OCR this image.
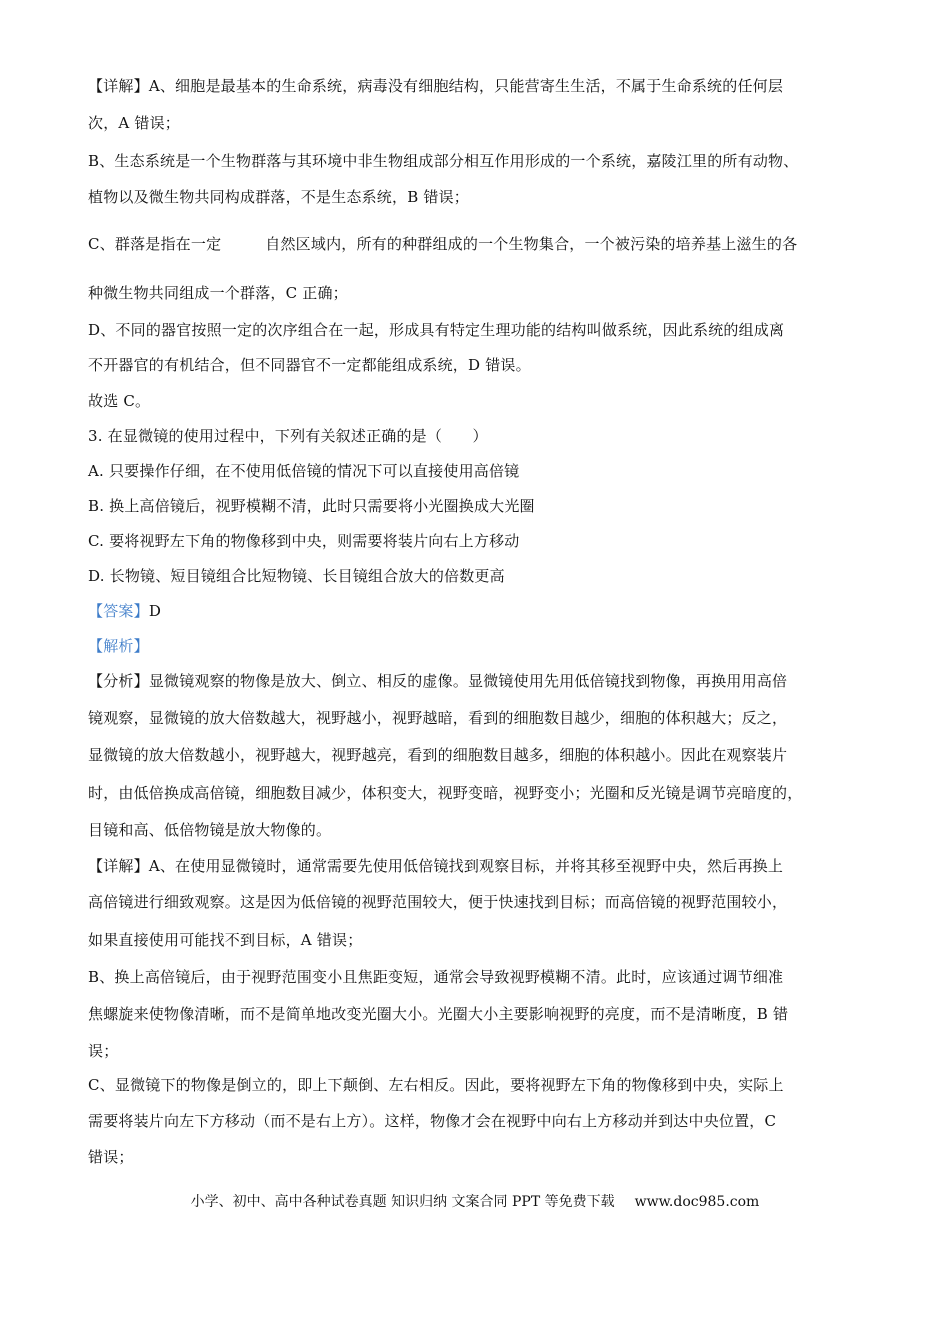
【详解】A、细胞是最基本的生命系统，病毒没有细胞结构，只能营寄生生活，不属于生命系统的任何层
次，A 错误；
B、生态系统是一个生物群落与其环境中非生物组成部分相互作用形成的一个系统，嘉陵江里的所有动物、
植物以及微生物共同构成群落，不是生态系统，B 错误；
C、群落是指在一定	自然区域内，所有的种群组成的一个生物集合，一个被污染的培养基上滋生的各
种微生物共同组成一个群落，C 正确；
D、不同的器官按照一定的次序组合在一起，形成具有特定生理功能的结构叫做系统，因此系统的组成离
不开器官的有机结合，但不同器官不一定都能组成系统，D 错误。
故选 C。
3. 在显微镜的使用过程中，下列有关叙述正确的是（　　）
A. 只要操作仔细，在不使用低倍镜的情况下可以直接使用高倍镜
B. 换上高倍镜后，视野模糊不清，此时只需要将小光圈换成大光圈
C. 要将视野左下角的物像移到中央，则需要将装片向右上方移动
D. 长物镜、短目镜组合比短物镜、长目镜组合放大的倍数更高
【答案】D
【解析】
【分析】显微镜观察的物像是放大、倒立、相反的虚像。显微镜使用先用低倍镜找到物像，再换用用高倍
镜观察，显微镜的放大倍数越大，视野越小，视野越暗，看到的细胞数目越少，细胞的体积越大；反之，
显微镜的放大倍数越小，视野越大，视野越亮，看到的细胞数目越多，细胞的体积越小。因此在观察装片
时，由低倍换成高倍镜，细胞数目减少，体积变大，视野变暗，视野变小；光圈和反光镜是调节亮暗度的，
目镜和高、低倍物镜是放大物像的。
【详解】A、在使用显微镜时，通常需要先使用低倍镜找到观察目标，并将其移至视野中央，然后再换上
高倍镜进行细致观察。这是因为低倍镜的视野范围较大，便于快速找到目标；而高倍镜的视野范围较小，
如果直接使用可能找不到目标，A 错误；
B、换上高倍镜后，由于视野范围变小且焦距变短，通常会导致视野模糊不清。此时，应该通过调节细准
焦螺旋来使物像清晰，而不是简单地改变光圈大小。光圈大小主要影响视野的亮度，而不是清晰度，B 错
误；
C、显微镜下的物像是倒立的，即上下颠倒、左右相反。因此，要将视野左下角的物像移到中央，实际上
需要将装片向左下方移动（而不是右上方）。这样，物像才会在视野中向右上方移动并到达中央位置，C
错误；
小学、初中、高中各种试卷真题 知识归纳 文案合同 PPT 等免费下载 www.doc985.com
